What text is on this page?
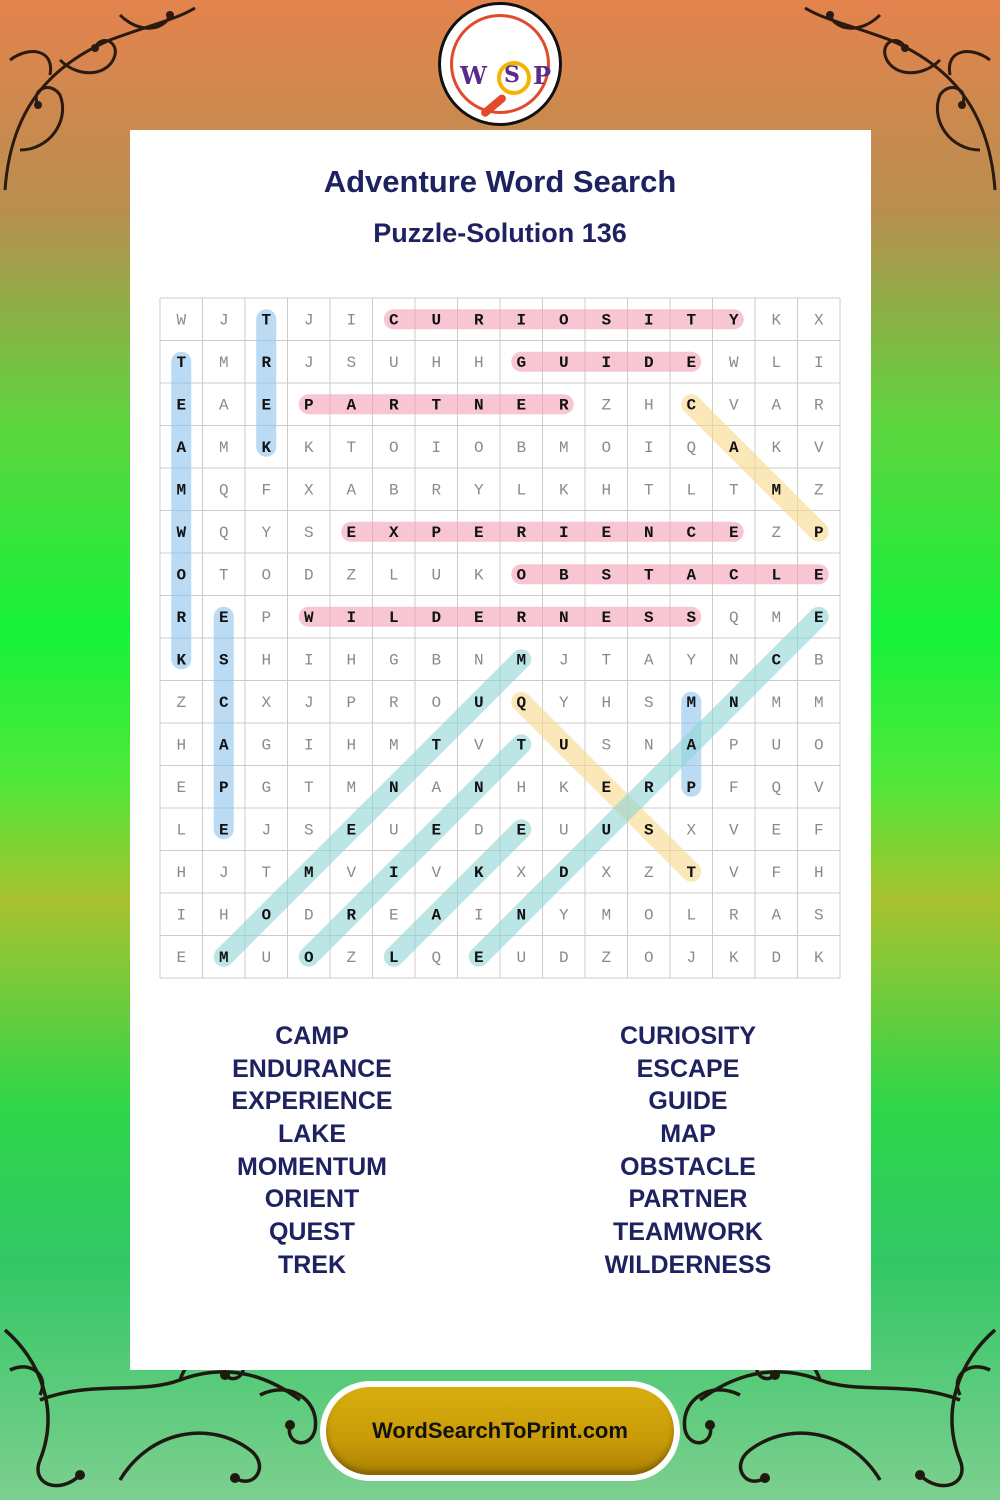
W S P
Adventure Word Search
Puzzle-Solution 136
W J T J I C U R I O S I T Y K X
T M R J S U H H G U I D E W L I
E A E P A R T N E R Z H C V A R
A M K K T O I O B M O I Q A K V
M Q F X A B R Y L K H T L T M Z
W Q Y S E X P E R I E N C E Z P
O T O D Z L U K O B S T A C L E
R E P W I L D E R N E S S Q M E
K S H I H G B N M J T A Y N C B
Z C X J P R O U Q Y H S M N M M
H A G I H M T V T U S N A P U O
E P G T M N A N H K E R P F Q V
L E J S E U E D E U U S X V E F
H J T M V I V K X D X Z T V F H
I H O D R E A I N Y M O L R A S
E M U O Z L Q E U D Z O J K D K
CAMP
ENDURANCE
EXPERIENCE
LAKE
MOMENTUM
ORIENT
QUEST
TREK
CURIOSITY
ESCAPE
GUIDE
MAP
OBSTACLE
PARTNER
TEAMWORK
WILDERNESS
WordSearchToPrint.com
